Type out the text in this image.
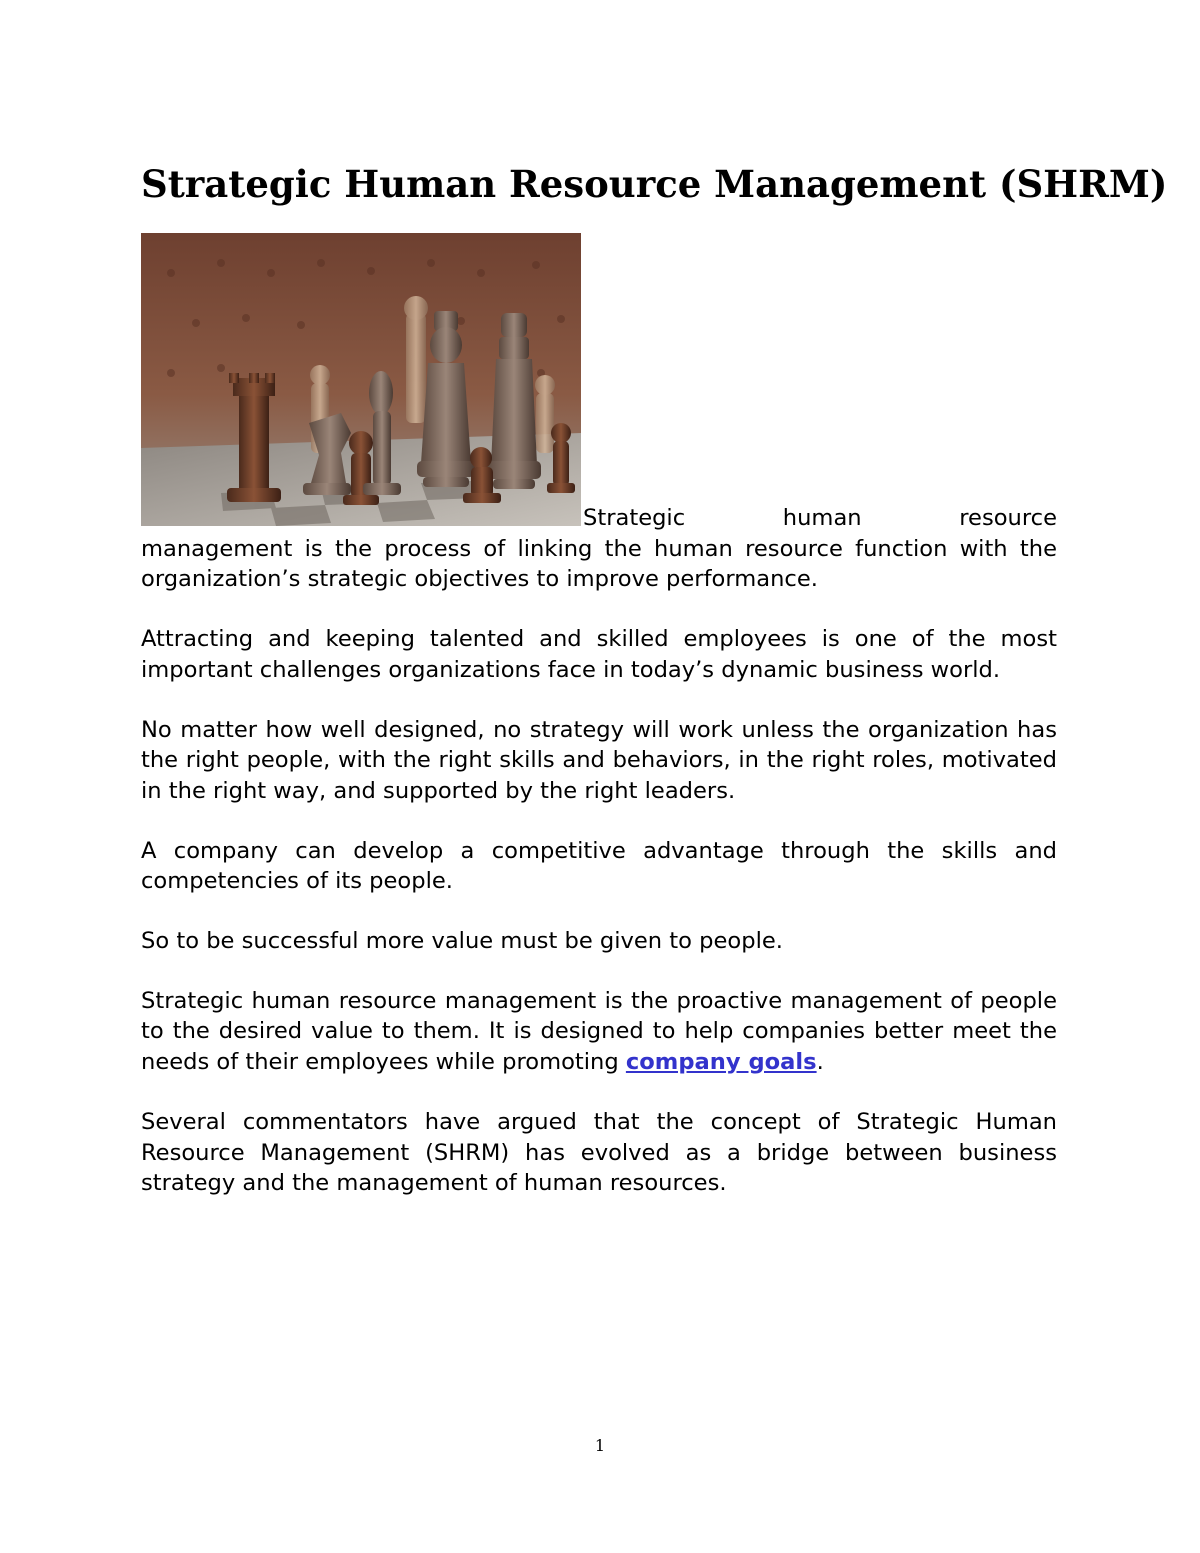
Strategic Human Resource Management (SHRM)
Strategic human resource
management is the process of linking the human resource function with the organization’s strategic objectives to improve performance.

Attracting and keeping talented and skilled employees is one of the most important challenges organizations face in today’s dynamic business world.

No matter how well designed, no strategy will work unless the organization has the right people, with the right skills and behaviors, in the right roles, motivated in the right way, and supported by the right leaders.

A company can develop a competitive advantage through the skills and competencies of its people.

So to be successful more value must be given to people.

Strategic human resource management is the proactive management of people to the desired value to them. It is designed to help companies better meet the needs of their employees while promoting company goals.

Several commentators have argued that the concept of Strategic Human Resource Management (SHRM) has evolved as a bridge between business strategy and the management of human resources.

1
